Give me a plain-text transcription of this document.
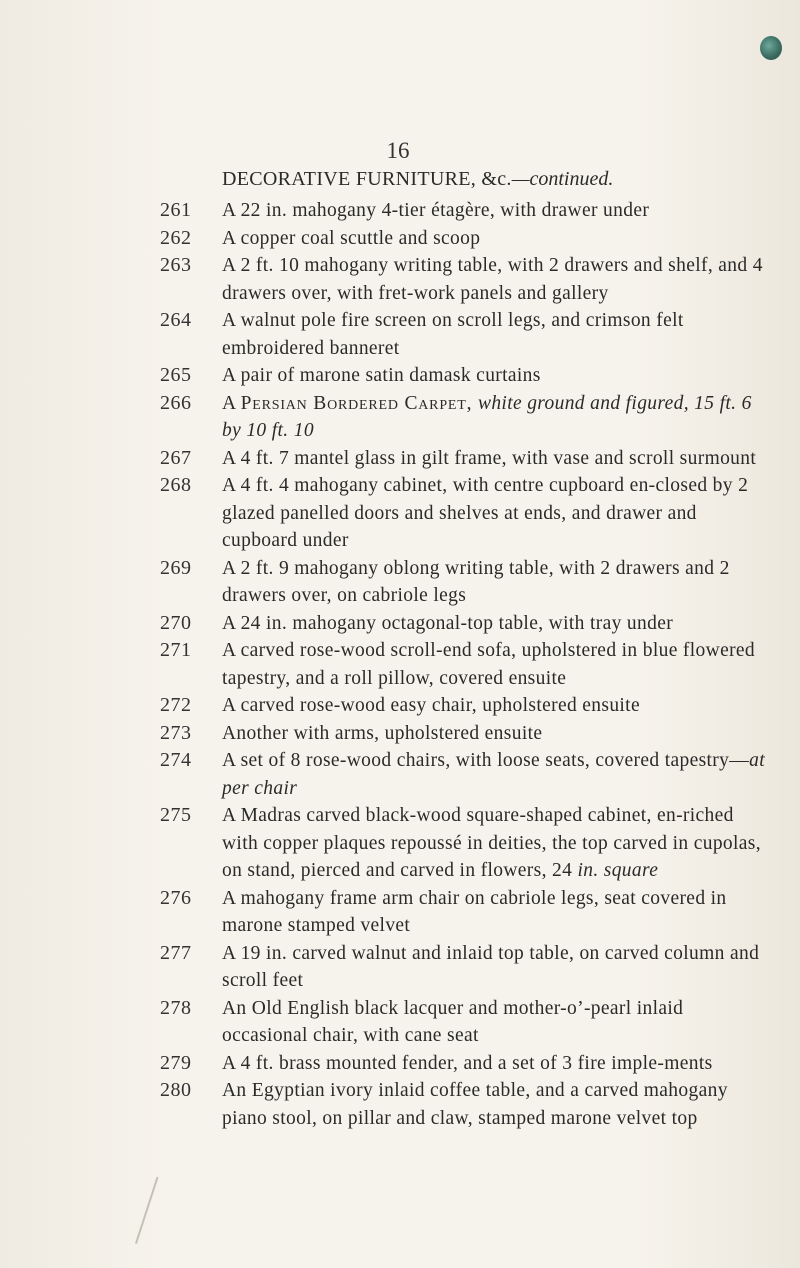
16
DECORATIVE FURNITURE, &c.—continued.
261	A 22 in. mahogany 4-tier étagère, with drawer under
262	A copper coal scuttle and scoop
263	A 2 ft. 10 mahogany writing table, with 2 drawers and shelf, and 4 drawers over, with fret-work panels and gallery
264	A walnut pole fire screen on scroll legs, and crimson felt embroidered banneret
265	A pair of marone satin damask curtains
266	A Persian Bordered Carpet, white ground and figured, 15 ft. 6 by 10 ft. 10
267	A 4 ft. 7 mantel glass in gilt frame, with vase and scroll surmount
268	A 4 ft. 4 mahogany cabinet, with centre cupboard en-closed by 2 glazed panelled doors and shelves at ends, and drawer and cupboard under
269	A 2 ft. 9 mahogany oblong writing table, with 2 drawers and 2 drawers over, on cabriole legs
270	A 24 in. mahogany octagonal-top table, with tray under
271	A carved rose-wood scroll-end sofa, upholstered in blue flowered tapestry, and a roll pillow, covered ensuite
272	A carved rose-wood easy chair, upholstered ensuite
273	Another with arms, upholstered ensuite
274	A set of 8 rose-wood chairs, with loose seats, covered tapestry—at per chair
275	A Madras carved black-wood square-shaped cabinet, en-riched with copper plaques repoussé in deities, the top carved in cupolas, on stand, pierced and carved in flowers, 24 in. square
276	A mahogany frame arm chair on cabriole legs, seat covered in marone stamped velvet
277	A 19 in. carved walnut and inlaid top table, on carved column and scroll feet
278	An Old English black lacquer and mother-o’-pearl inlaid occasional chair, with cane seat
279	A 4 ft. brass mounted fender, and a set of 3 fire imple-ments
280	An Egyptian ivory inlaid coffee table, and a carved mahogany piano stool, on pillar and claw, stamped marone velvet top
